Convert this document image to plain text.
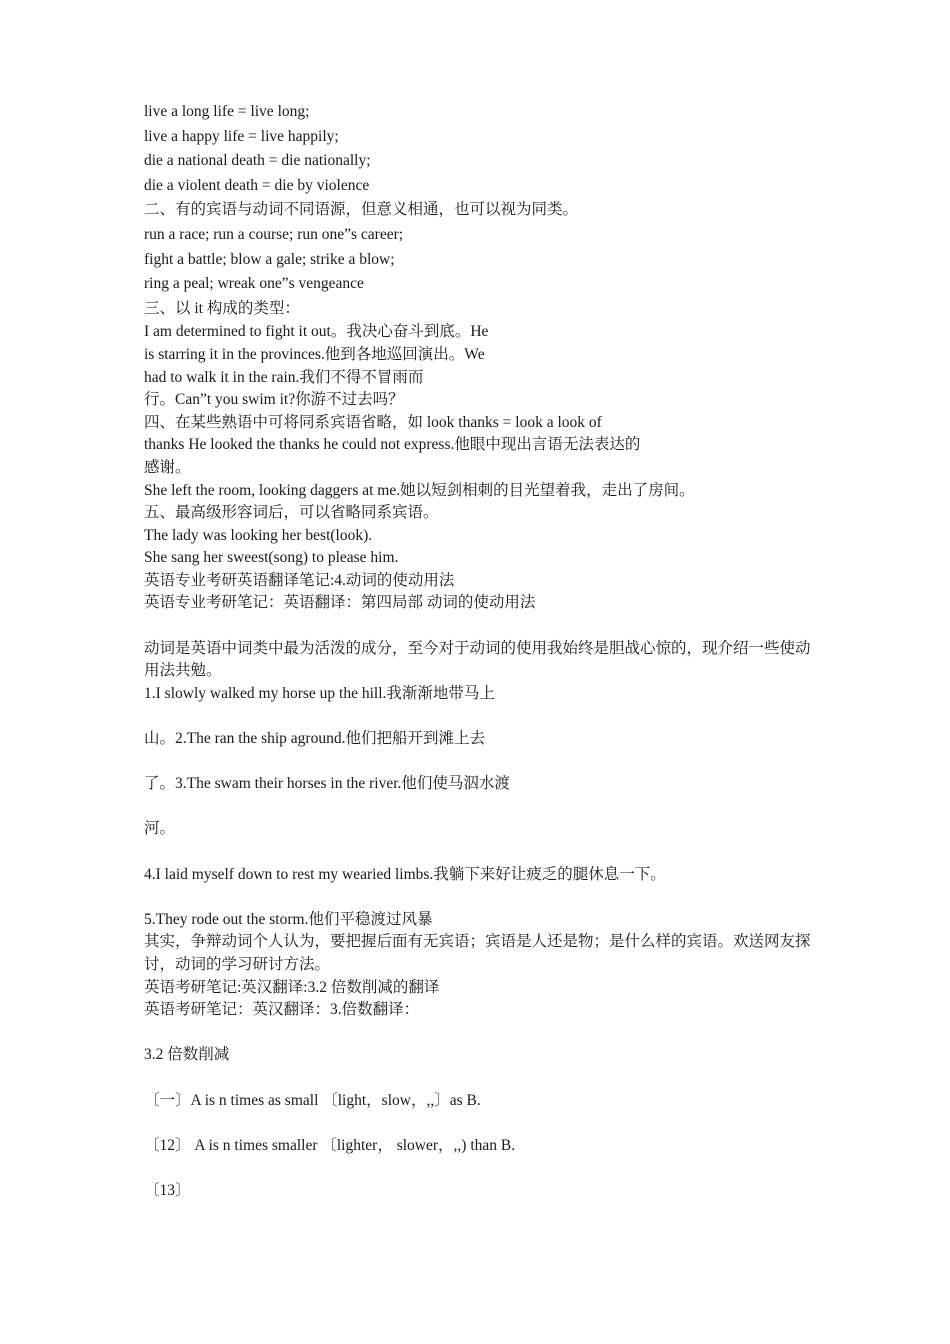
live a long life = live long;

live a happy life = live happily;

die a national death = die nationally;

die a violent death = die by violence

二、有的宾语与动词不同语源，但意义相通，也可以视为同类。

run a race; run a course; run one”s career;

fight a battle; blow a gale; strike a blow;

ring a peal; wreak one”s vengeance

三、以 it 构成的类型：

I am determined to fight it out。我决心奋斗到底。He

is starring it in the provinces.他到各地巡回演出。We

had to walk it in the rain.我们不得不冒雨而

行。Can”t you swim it?你游不过去吗？

四、在某些熟语中可将同系宾语省略，如 look thanks = look a look of

thanks He looked the thanks he could not express.他眼中现出言语无法表达的

感谢。

She left the room, looking daggers at me.她以短剑相刺的目光望着我，走出了房间。

五、最高级形容词后，可以省略同系宾语。

The lady was looking her best(look).

She sang her sweest(song) to please him.

英语专业考研英语翻译笔记:4.动词的使动用法

英语专业考研笔记：英语翻译：第四局部 动词的使动用法

动词是英语中词类中最为活泼的成分，至今对于动词的使用我始终是胆战心惊的，现介绍一些使动用法共勉。

1.I slowly walked my horse up the hill.我渐渐地带马上

山。2.The ran the ship aground.他们把船开到滩上去

了。3.The swam their horses in the river.他们使马泅水渡

河。

4.I laid myself down to rest my wearied limbs.我躺下来好让疲乏的腿休息一下。

5.They rode out the storm.他们平稳渡过风暴

其实，争辩动词个人认为，要把握后面有无宾语；宾语是人还是物；是什么样的宾语。欢送网友探讨，动词的学习研讨方法。

英语考研笔记:英汉翻译:3.2 倍数削减的翻译

英语考研笔记：英汉翻译：3.倍数翻译：

3.2 倍数削减

〔一〕A is n times as small 〔light，slow，,,〕as B.

〔12〕 A is n times smaller 〔lighter， slower，,,) than B.

〔13〕
